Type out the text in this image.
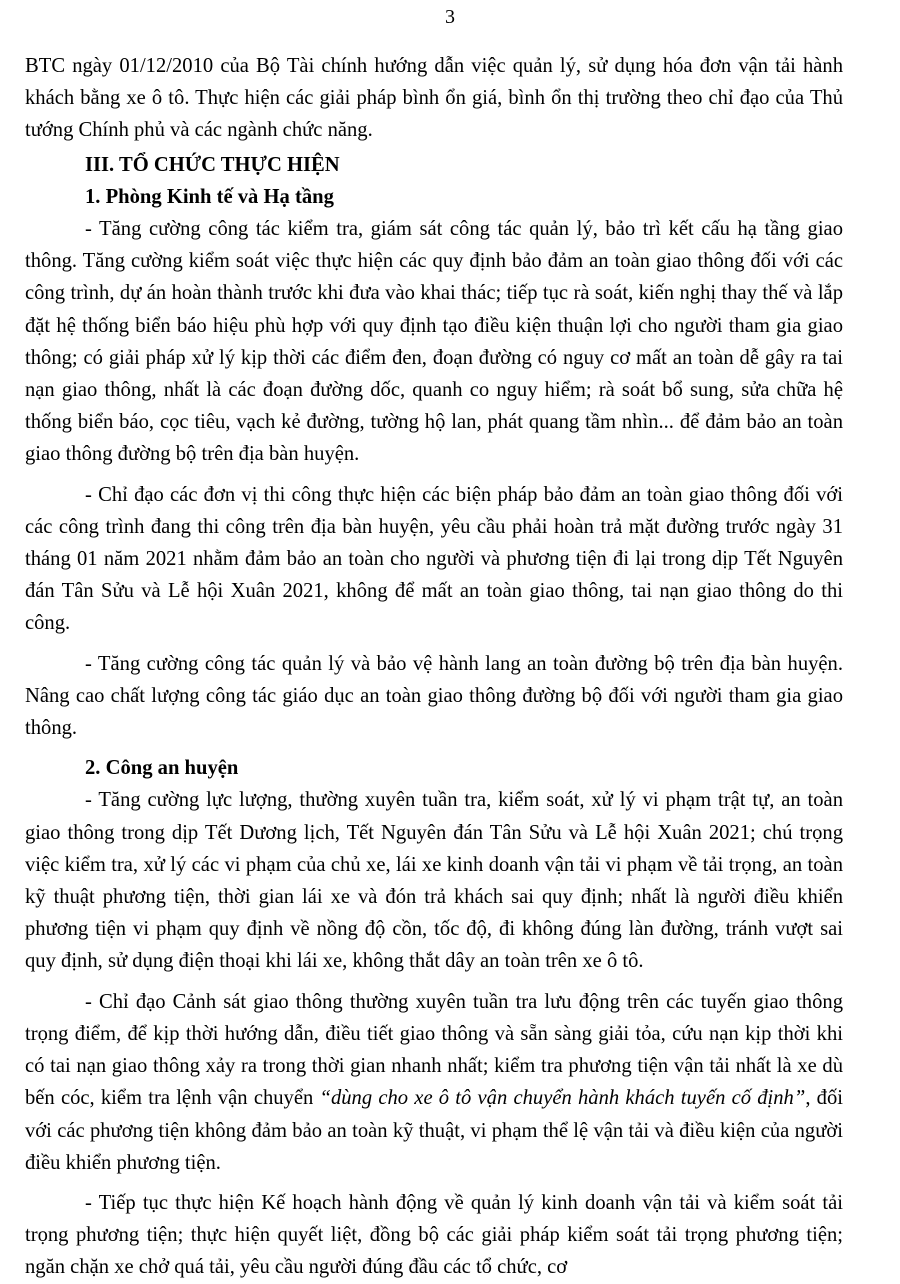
3

BTC ngày 01/12/2010 của Bộ Tài chính hướng dẫn việc quản lý, sử dụng hóa đơn vận tải hành khách bằng xe ô tô. Thực hiện các giải pháp bình ổn giá, bình ổn thị trường theo chỉ đạo của Thủ tướng Chính phủ và các ngành chức năng.

III. TỔ CHỨC THỰC HIỆN
1. Phòng Kinh tế và Hạ tầng

- Tăng cường công tác kiểm tra, giám sát công tác quản lý, bảo trì kết cấu hạ tầng giao thông. Tăng cường kiểm soát việc thực hiện các quy định bảo đảm an toàn giao thông đối với các công trình, dự án hoàn thành trước khi đưa vào khai thác; tiếp tục rà soát, kiến nghị thay thế và lắp đặt hệ thống biển báo hiệu phù hợp với quy định tạo điều kiện thuận lợi cho người tham gia giao thông; có giải pháp xử lý kịp thời các điểm đen, đoạn đường có nguy cơ mất an toàn dễ gây ra tai nạn giao thông, nhất là các đoạn đường dốc, quanh co nguy hiểm; rà soát bổ sung, sửa chữa hệ thống biển báo, cọc tiêu, vạch kẻ đường, tường hộ lan, phát quang tầm nhìn... để đảm bảo an toàn giao thông đường bộ trên địa bàn huyện.

- Chỉ đạo các đơn vị thi công thực hiện các biện pháp bảo đảm an toàn giao thông đối với các công trình đang thi công trên địa bàn huyện, yêu cầu phải hoàn trả mặt đường trước ngày 31 tháng 01 năm 2021 nhằm đảm bảo an toàn cho người và phương tiện đi lại trong dịp Tết Nguyên đán Tân Sửu và Lễ hội Xuân 2021, không để mất an toàn giao thông, tai nạn giao thông do thi công.

- Tăng cường công tác quản lý và bảo vệ hành lang an toàn đường bộ trên địa bàn huyện. Nâng cao chất lượng công tác giáo dục an toàn giao thông đường bộ đối với người tham gia giao thông.

2. Công an huyện

- Tăng cường lực lượng, thường xuyên tuần tra, kiểm soát, xử lý vi phạm trật tự, an toàn giao thông trong dịp Tết Dương lịch, Tết Nguyên đán Tân Sửu và Lễ hội Xuân 2021; chú trọng việc kiểm tra, xử lý các vi phạm của chủ xe, lái xe kinh doanh vận tải vi phạm về tải trọng, an toàn kỹ thuật phương tiện, thời gian lái xe và đón trả khách sai quy định; nhất là người điều khiển phương tiện vi phạm quy định về nồng độ cồn, tốc độ, đi không đúng làn đường, tránh vượt sai quy định, sử dụng điện thoại khi lái xe, không thắt dây an toàn trên xe ô tô.

- Chỉ đạo Cảnh sát giao thông thường xuyên tuần tra lưu động trên các tuyến giao thông trọng điểm, để kịp thời hướng dẫn, điều tiết giao thông và sẵn sàng giải tỏa, cứu nạn kịp thời khi có tai nạn giao thông xảy ra trong thời gian nhanh nhất; kiểm tra phương tiện vận tải nhất là xe dù bến cóc, kiểm tra lệnh vận chuyển “dùng cho xe ô tô vận chuyển hành khách tuyến cố định”, đối với các phương tiện không đảm bảo an toàn kỹ thuật, vi phạm thể lệ vận tải và điều kiện của người điều khiển phương tiện.

- Tiếp tục thực hiện Kế hoạch hành động về quản lý kinh doanh vận tải và kiểm soát tải trọng phương tiện; thực hiện quyết liệt, đồng bộ các giải pháp kiểm soát tải trọng phương tiện; ngăn chặn xe chở quá tải, yêu cầu người đúng đầu các tổ chức, cơ
